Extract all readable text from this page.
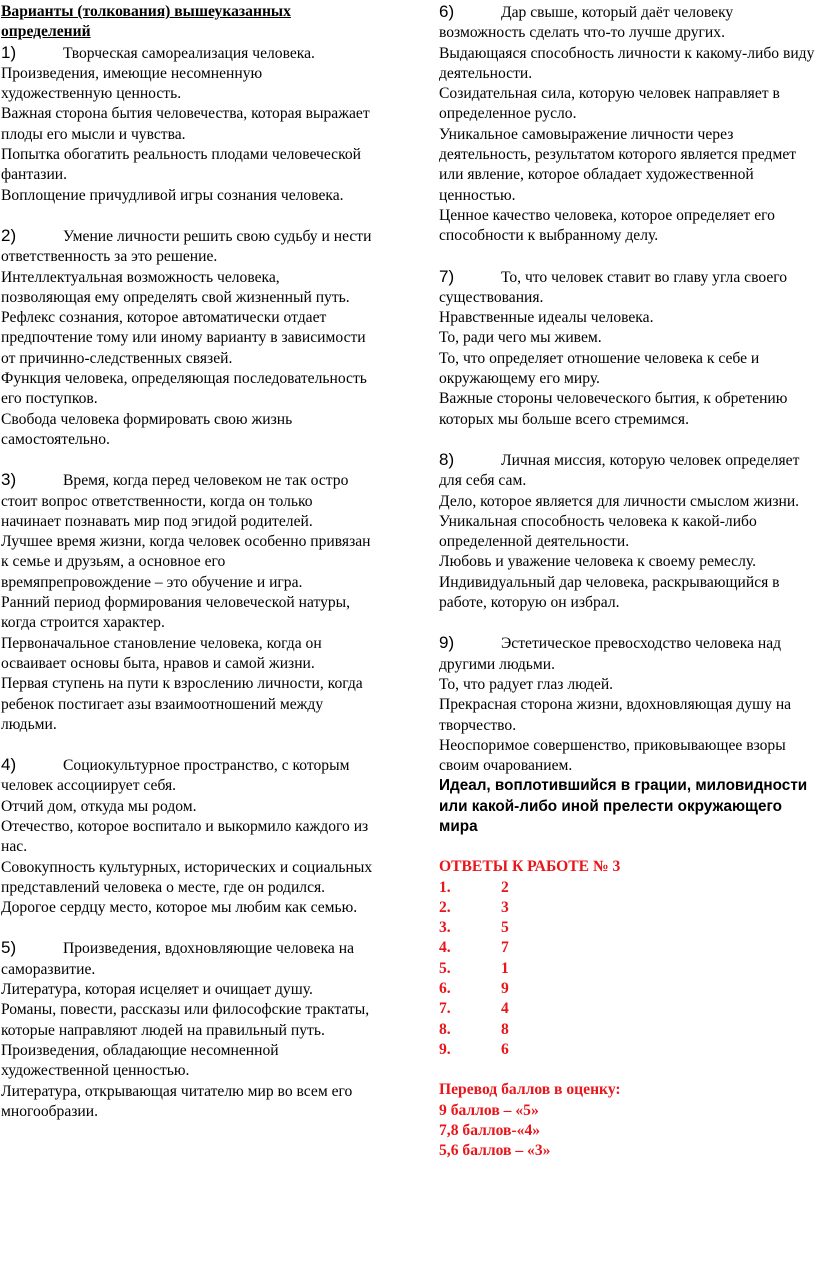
Варианты (толкования) вышеуказанных определений

1)	Творческая самореализация человека.

Произведения, имеющие несомненную художественную ценность.

Важная сторона бытия человечества, которая выражает плоды его мысли и чувства.

Попытка обогатить реальность плодами человеческой фантазии.

Воплощение причудливой игры сознания человека.

2)	Умение личности решить свою судьбу и нести ответственность за это решение.

Интеллектуальная возможность человека, позволяющая ему определять свой жизненный путь.

Рефлекс сознания, которое автоматически отдает предпочтение тому или иному варианту в зависимости от причинно-следственных связей.

Функция человека, определяющая последовательность его поступков.

Свобода человека формировать свою жизнь самостоятельно.

3)	Время, когда перед человеком не так остро стоит вопрос ответственности, когда он только начинает познавать мир под эгидой родителей.

Лучшее время жизни, когда человек особенно привязан к семье и друзьям, а основное его времяпрепровождение – это обучение и игра.

Ранний период формирования человеческой натуры, когда строится характер.

Первоначальное становление человека, когда он осваивает основы быта, нравов и самой жизни.

Первая ступень на пути к взрослению личности, когда ребенок постигает азы взаимоотношений между людьми.

4)	Социокультурное пространство, с которым человек ассоциирует себя.

Отчий дом, откуда мы родом.

Отечество, которое воспитало и выкормило каждого из нас.

Совокупность культурных, исторических и социальных представлений человека о месте, где он родился.

Дорогое сердцу место, которое мы любим как семью.

5)	Произведения, вдохновляющие человека на саморазвитие.

Литература, которая исцеляет и очищает душу.

Романы, повести, рассказы или философские трактаты, которые направляют людей на правильный путь.

Произведения, обладающие несомненной художественной ценностью.

Литература, открывающая читателю мир во всем его многообразии.

6)	Дар свыше, который даёт человеку возможность сделать что-то лучше других.

Выдающаяся способность личности к какому-либо виду деятельности.

Созидательная сила, которую человек направляет в определенное русло.

Уникальное самовыражение личности через деятельность, результатом которого является предмет или явление, которое обладает художественной ценностью.

Ценное качество человека, которое определяет его способности к выбранному делу.

7)	То, что человек ставит во главу угла своего существования.

Нравственные идеалы человека.

То, ради чего мы живем.

То, что определяет отношение человека к себе и окружающему его миру.

Важные стороны человеческого бытия, к обретению которых мы больше всего стремимся.

8)	Личная миссия, которую человек определяет для себя сам.

Дело, которое является для личности смыслом жизни.

Уникальная способность человека к какой-либо определенной деятельности.

Любовь и уважение человека к своему ремеслу.

Индивидуальный дар человека, раскрывающийся в работе, которую он избрал.

9)	Эстетическое превосходство человека над другими людьми.

То, что радует глаз людей.

Прекрасная сторона жизни, вдохновляющая душу на творчество.

Неоспоримое совершенство, приковывающее взоры своим очарованием.

Идеал, воплотившийся в грации, миловидности или какой-либо иной прелести окружающего мира

ОТВЕТЫ К РАБОТЕ № 3

1.	2
2.	3
3.	5
4.	7
5.	1
6.	9
7.	4
8.	8
9.	6

Перевод баллов в оценку:

9 баллов – «5»

7,8 баллов-«4»

5,6 баллов – «3»
